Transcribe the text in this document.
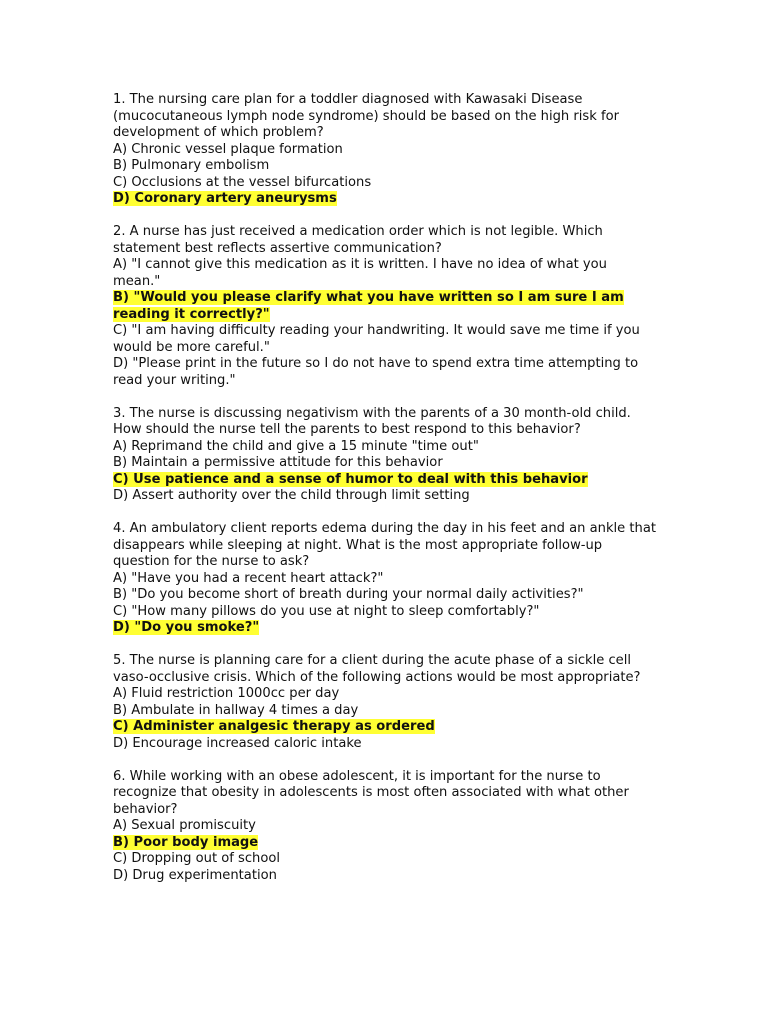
1. The nursing care plan for a toddler diagnosed with Kawasaki Disease (mucocutaneous lymph node syndrome) should be based on the high risk for development of which problem?
A) Chronic vessel plaque formation
B) Pulmonary embolism
C) Occlusions at the vessel bifurcations
D) Coronary artery aneurysms
2. A nurse has just received a medication order which is not legible. Which statement best reflects assertive communication?
A) "I cannot give this medication as it is written. I have no idea of what you mean."
B) "Would you please clarify what you have written so I am sure I am reading it correctly?"
C) "I am having difficulty reading your handwriting. It would save me time if you would be more careful."
D) "Please print in the future so I do not have to spend extra time attempting to read your writing."
3. The nurse is discussing negativism with the parents of a 30 month-old child. How should the nurse tell the parents to best respond to this behavior?
A) Reprimand the child and give a 15 minute "time out"
B) Maintain a permissive attitude for this behavior
C) Use patience and a sense of humor to deal with this behavior
D) Assert authority over the child through limit setting
4. An ambulatory client reports edema during the day in his feet and an ankle that disappears while sleeping at night. What is the most appropriate follow-up question for the nurse to ask?
A) "Have you had a recent heart attack?"
B) "Do you become short of breath during your normal daily activities?"
C) "How many pillows do you use at night to sleep comfortably?"
D) "Do you smoke?"
5. The nurse is planning care for a client during the acute phase of a sickle cell vaso-occlusive crisis. Which of the following actions would be most appropriate?
A) Fluid restriction 1000cc per day
B) Ambulate in hallway 4 times a day
C) Administer analgesic therapy as ordered
D) Encourage increased caloric intake
6. While working with an obese adolescent, it is important for the nurse to recognize that obesity in adolescents is most often associated with what other behavior?
A) Sexual promiscuity
B) Poor body image
C) Dropping out of school
D) Drug experimentation
